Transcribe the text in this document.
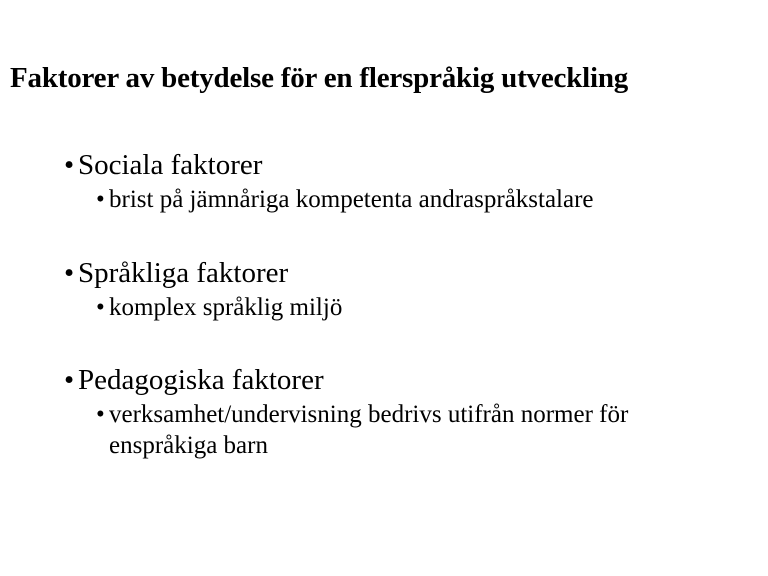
Faktorer av betydelse för en flerspråkig utveckling
• Sociala faktorer
• brist på jämnåriga kompetenta andraspråkstalare
• Språkliga faktorer
• komplex språklig miljö
• Pedagogiska faktorer
• verksamhet/undervisning bedrivs utifrån normer för enspråkiga barn
